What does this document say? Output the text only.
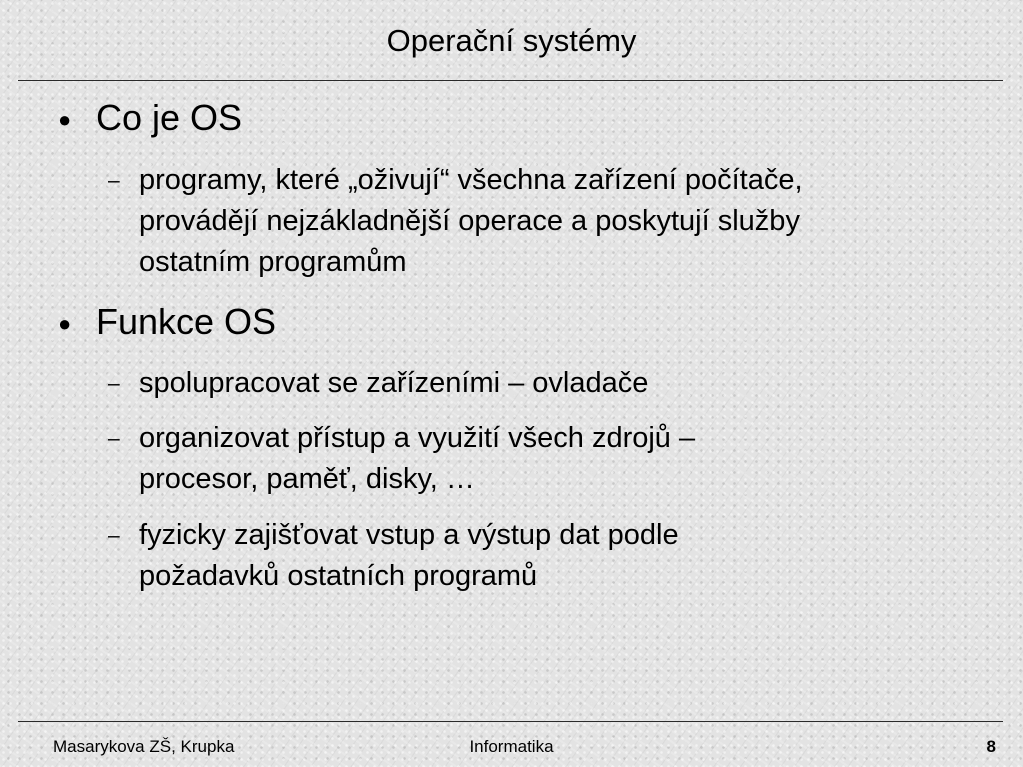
Operační systémy
● Co je OS
– programy, které „oživují“ všechna zařízení počítače,
provádějí nejzákladnější operace a poskytují služby
ostatním programům
● Funkce OS
– spolupracovat se zařízeními – ovladače
– organizovat přístup a využití všech zdrojů –
procesor, paměť, disky, …
– fyzicky zajišťovat vstup a výstup dat podle
požadavků ostatních programů
Masarykova ZŠ, Krupka	Informatika	8
